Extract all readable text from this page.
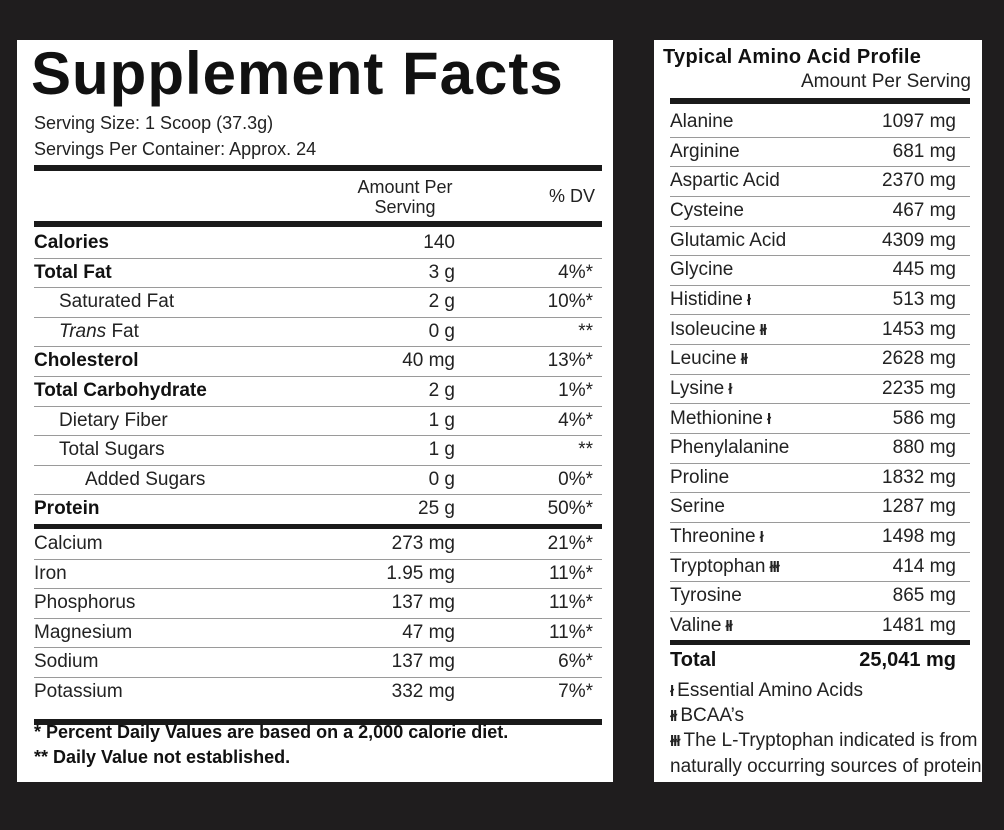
Supplement Facts
Serving Size: 1 Scoop (37.3g)
Servings Per Container: Approx. 24
Amount Per
Serving
% DV
Calories	140
Total Fat	3 g	4%*
Saturated Fat	2 g	10%*
Trans Fat	0 g	**
Cholesterol	40 mg	13%*
Total Carbohydrate	2 g	1%*
Dietary Fiber	1 g	4%*
Total Sugars	1 g	**
Added Sugars	0 g	0%*
Protein	25 g	50%*
Calcium	273 mg	21%*
Iron	1.95 mg	11%*
Phosphorus	137 mg	11%*
Magnesium	47 mg	11%*
Sodium	137 mg	6%*
Potassium	332 mg	7%*
* Percent Daily Values are based on a 2,000 calorie diet.
** Daily Value not established.
Typical Amino Acid Profile
Amount Per Serving
Alanine	1097 mg
Arginine	681 mg
Aspartic Acid	2370 mg
Cysteine	467 mg
Glutamic Acid	4309 mg
Glycine	445 mg
Histidine ł	513 mg
Isoleucine łł	1453 mg
Leucine łł	2628 mg
Lysine ł	2235 mg
Methionine ł	586 mg
Phenylalanine	880 mg
Proline	1832 mg
Serine	1287 mg
Threonine ł	1498 mg
Tryptophan łłł	414 mg
Tyrosine	865 mg
Valine łł	1481 mg
Total	25,041 mg
ł Essential Amino Acids
łł BCAA’s
łłł The L-Tryptophan indicated is from
naturally occurring sources of protein.
